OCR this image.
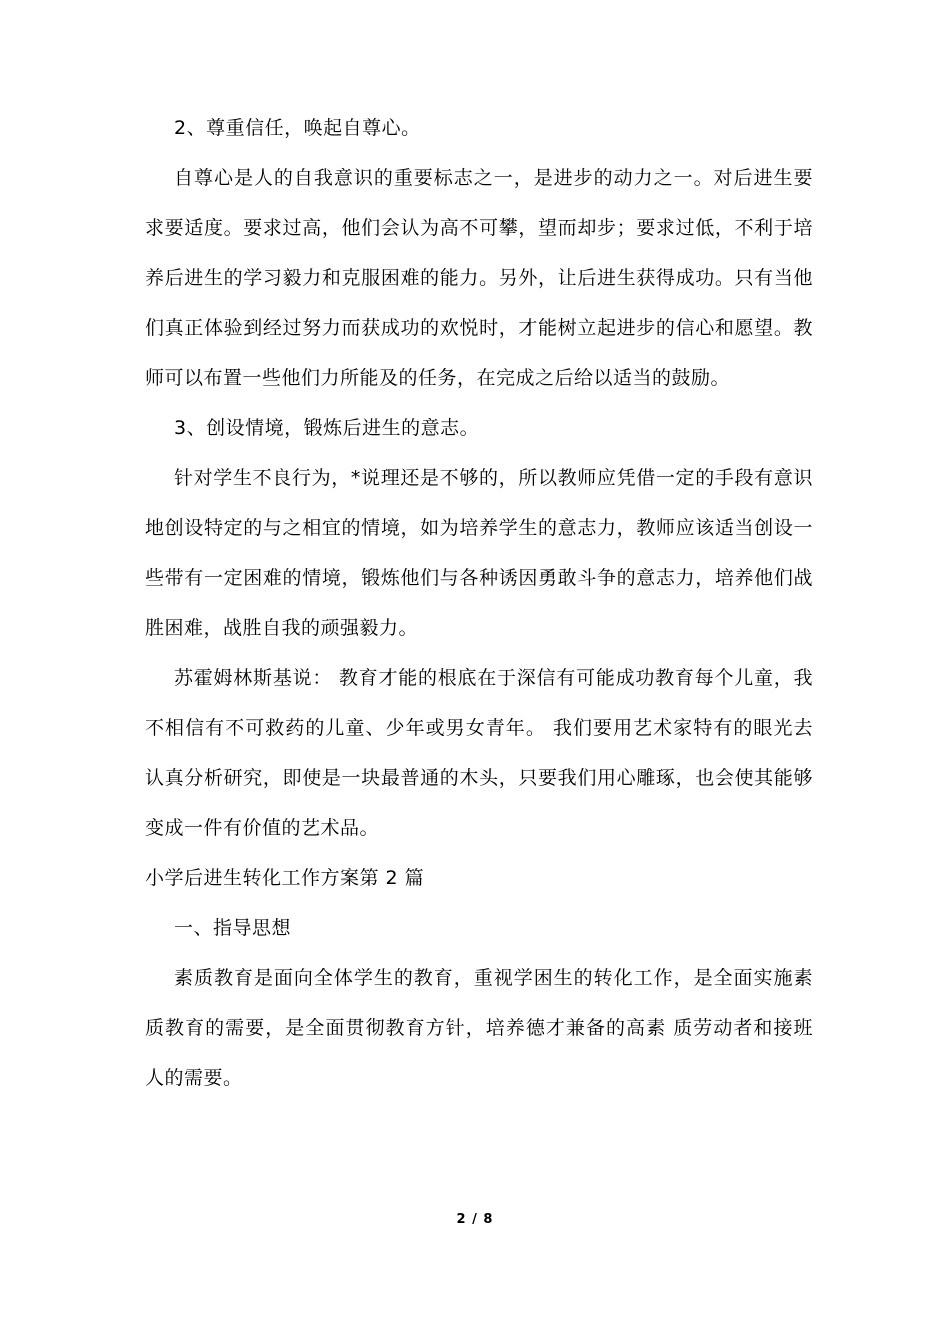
2、尊重信任，唤起自尊心。

自尊心是人的自我意识的重要标志之一，是进步的动力之一。对后进生要求要适度。要求过高，他们会认为高不可攀，望而却步；要求过低，不利于培养后进生的学习毅力和克服困难的能力。另外，让后进生获得成功。只有当他们真正体验到经过努力而获成功的欢悦时，才能树立起进步的信心和愿望。教师可以布置一些他们力所能及的任务，在完成之后给以适当的鼓励。

3、创设情境，锻炼后进生的意志。

针对学生不良行为，*说理还是不够的，所以教师应凭借一定的手段有意识地创设特定的与之相宜的情境，如为培养学生的意志力，教师应该适当创设一些带有一定困难的情境，锻炼他们与各种诱因勇敢斗争的意志力，培养他们战胜困难，战胜自我的顽强毅力。

苏霍姆林斯基说： 教育才能的根底在于深信有可能成功教育每个儿童，我不相信有不可救药的儿童、少年或男女青年。 我们要用艺术家特有的眼光去认真分析研究，即使是一块最普通的木头，只要我们用心雕琢，也会使其能够变成一件有价值的艺术品。

小学后进生转化工作方案第 2 篇

一、指导思想

素质教育是面向全体学生的教育，重视学困生的转化工作，是全面实施素质教育的需要，是全面贯彻教育方针，培养德才兼备的高素 质劳动者和接班人的需要。

2 / 8
